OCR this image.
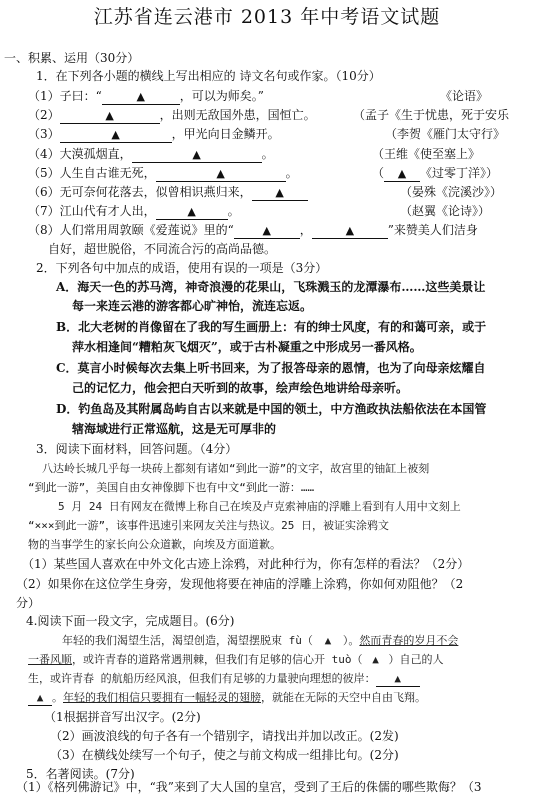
江苏省连云港市 2013 年中考语文试题
一、积累、运用（30分）
1．在下列各小题的横线上写出相应的 诗文名句或作家。（10分）
（1）子曰：“	▲	，可以为师矣。”	《论语》
（2）	▲	，出则无敌国外患，国恒亡。	（孟子《生于忧患，死于安乐
（3）	▲	，甲光向日金鳞开。	（李贺《雁门太守行》
（4）大漠孤烟直，	▲	。	（王维《使至塞上》
（5）人生自古谁无死，	▲	。	（ ▲ 《过零丁洋》）
（6）无可奈何花落去，似曾相识燕归来， ▲	（晏殊《浣溪沙》）
（7）江山代有才人出，	▲	。	（赵翼《论诗》）
（8）人们常用周敦颐《爱莲说》里的“	▲ ，	▲	”来赞美人们洁身
自好，超世脱俗，不同流合污的高尚品德。
2．下列各句中加点的成语，使用有误的一项是（3分）
A．海天一色的苏马湾，神奇浪漫的花果山，飞珠溅玉的龙潭瀑布……这些美景让
每一来连云港的游客都心旷神怡，流连忘返。
B．北大老树的肖像留在了我的写生画册上：有的绅士风度，有的和蔼可亲，或于
萍水相逢间“糟粕灰飞烟灭”，或于古朴凝重之中形成另一番风格。
C．莫言小时候每次去集上听书回来，为了报答母亲的恩情，也为了向母亲炫耀自
己的记忆力，他会把白天听到的故事，绘声绘色地讲给母亲听。
D．钓鱼岛及其附属岛屿自古以来就是中国的领土，中方渔政执法船依法在本国管
辖海域进行正常巡航，这是无可厚非的
3．阅读下面材料，回答问题。（4分）
八达岭长城几乎每一块砖上都刻有诸如“到此一游”的文字，故宫里的铀缸上被刻
“到此一游”，美国自由女神像脚下也有中文“到此一游：……
5 月 24 日有网友在微博上称自己在埃及卢克索神庙的浮雕上看到有人用中文刻上
“×××到此一游”，该事件迅速引来网友关注与热议。25 日，被证实涂鸦文
物的当事学生的家长向公众道歉，向埃及方面道歉。
（1）某些国人喜欢在中外文化古迹上涂鸦，对此种行为，你有怎样的看法？（2分）
（2）如果你在这位学生身旁，发现他将要在神庙的浮雕上涂鸦，你如何劝阻他？（2
分）
4.阅读下面一段文字，完成题目。(6分)
年轻的我们渴望生活，渴望创造，渴望摆脱束 fù（ ▲ ）。然而青春的岁月不会
一番风顺，或许青春的道路常遇荆棘，但我们有足够的信心开 tuò（ ▲ ）自己的人
生，或许青春 的航船历经风浪，但我们有足够的力量驶向理想的彼岸： ▲
▲ 。年轻的我们相信只要拥有一幅轻灵的翅膀，就能在无际的天空中自由飞翔。
（1根据拼音写出汉字。(2分)
（2）画波浪线的句子各有一个错别字，请找出并加以改正。(2发)
（3）在横线处续写一个句子，使之与前文构成一组排比句。(2分)
5．名著阅读。(7分)
（1）《格列佛游记》中，“我”来到了大人国的皇宫，受到了王后的侏儒的哪些欺侮？（3
